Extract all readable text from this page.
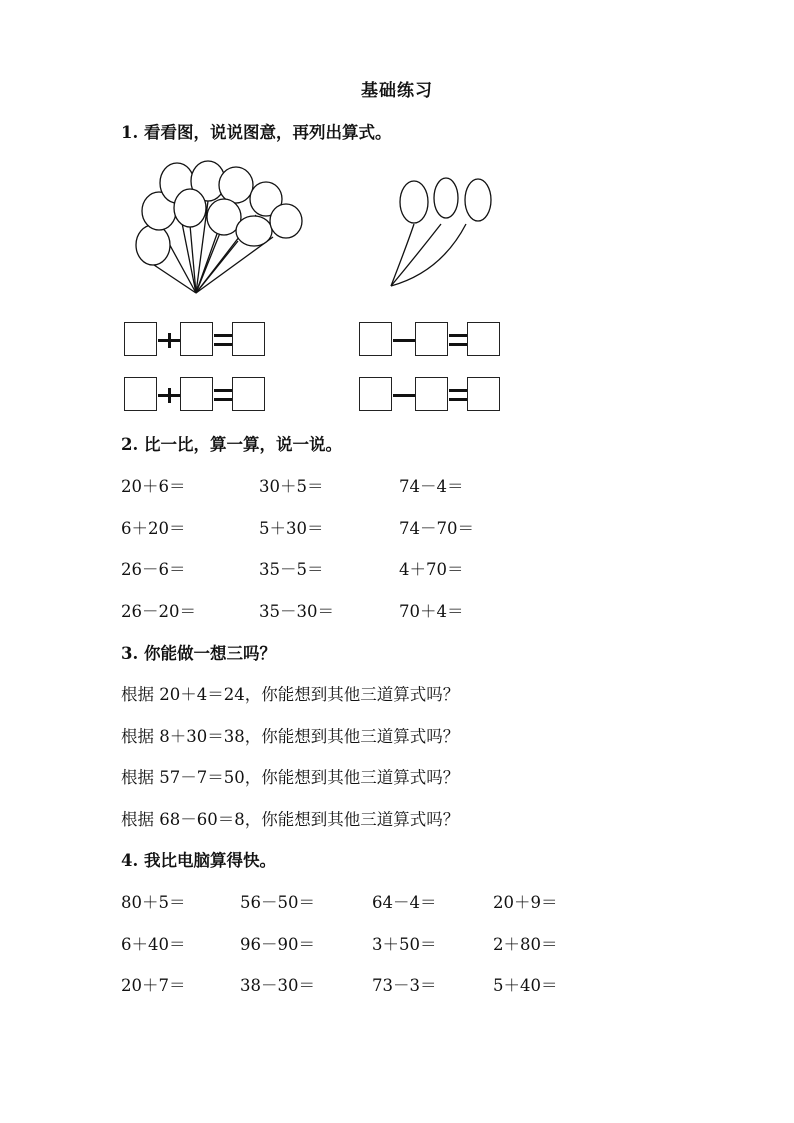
基础练习
1. 看看图，说说图意，再列出算式。
2. 比一比，算一算，说一说。
20＋6＝	30＋5＝	74－4＝
6＋20＝	5＋30＝	74－70＝
26－6＝	35－5＝	4＋70＝
26－20＝	35－30＝	70＋4＝
3. 你能做一想三吗？
根据 20＋4＝24，你能想到其他三道算式吗？
根据 8＋30＝38，你能想到其他三道算式吗？
根据 57－7＝50，你能想到其他三道算式吗？
根据 68－60＝8，你能想到其他三道算式吗？
4. 我比电脑算得快。
80＋5＝	56－50＝	64－4＝	20＋9＝
6＋40＝	96－90＝	3＋50＝	2＋80＝
20＋7＝	38－30＝	73－3＝	5＋40＝
